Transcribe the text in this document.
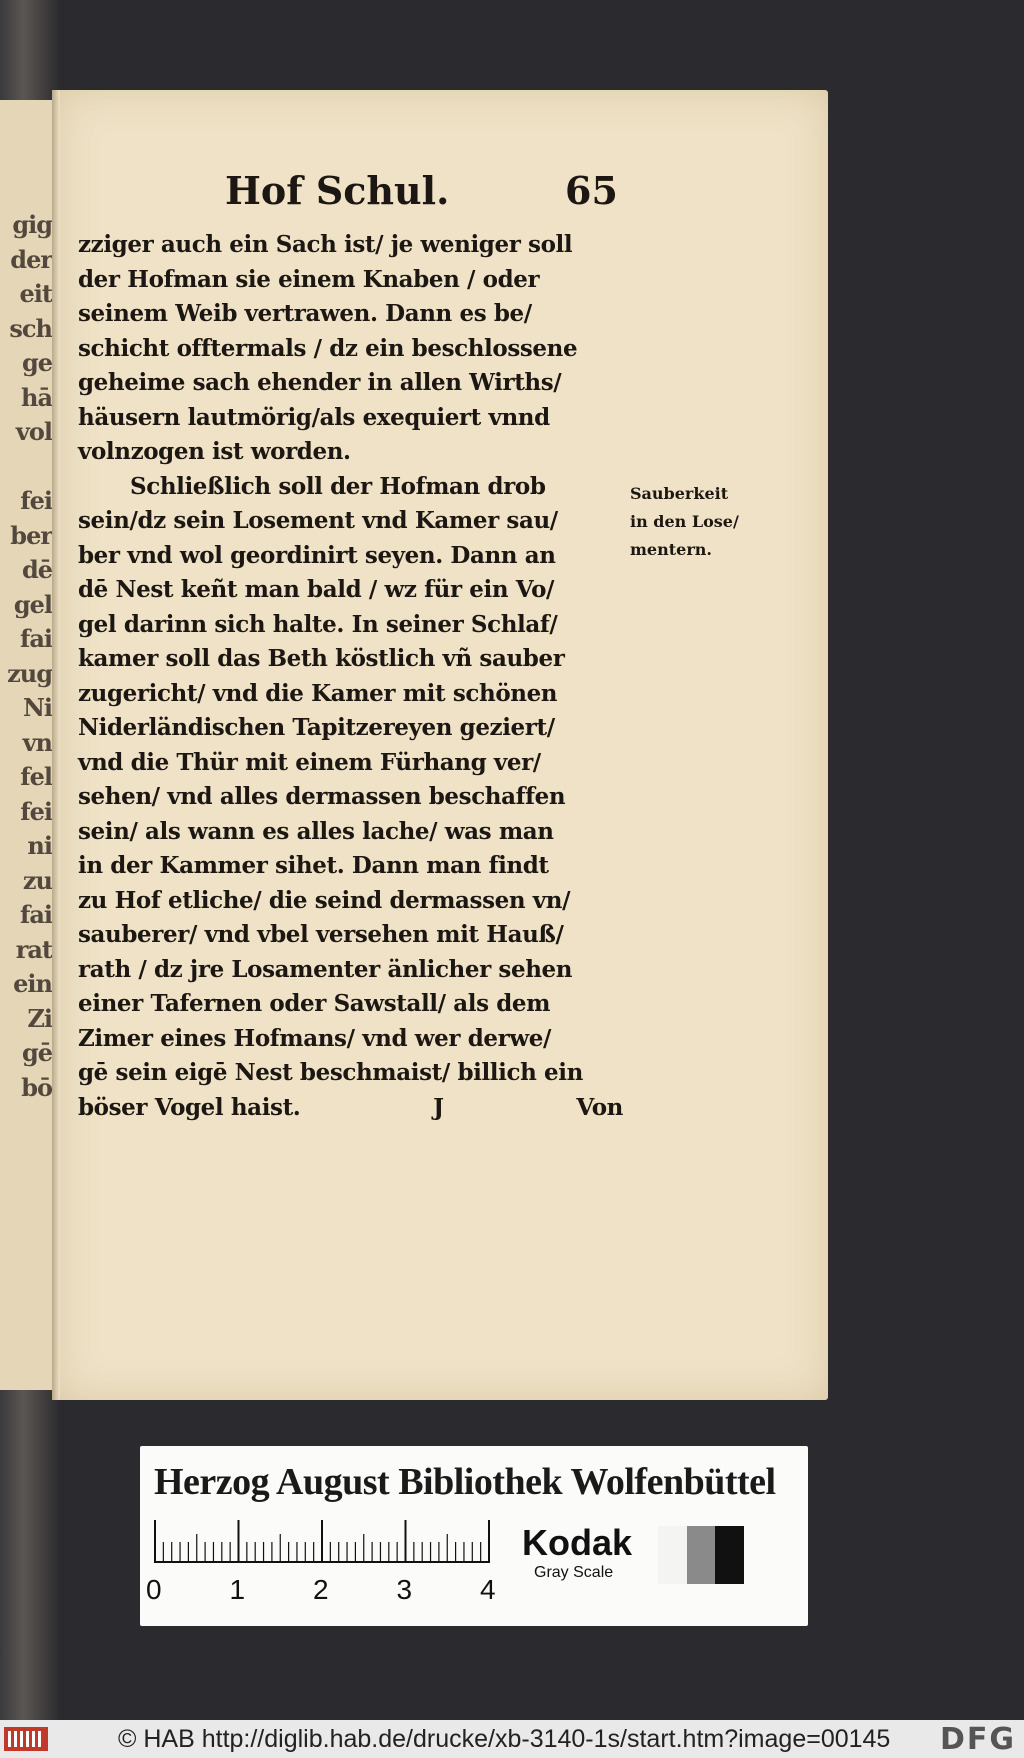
gig
der
eit
sch
ge
hā
vol
fei
ber
dē
gel
fai
zug
Ni
vn
fel
fei
ni
zu
fai
rat
ein
Zi
gē
bō
Hof Schul.	65
zziger auch ein Sach ist/ je weniger soll
der Hofman sie einem Knaben / oder
seinem Weib vertrawen. Dann es be/
schicht offtermals / dz ein beschlossene
geheime sach ehender in allen Wirths/
häusern lautmörig/als exequiert vnnd
volnzogen ist worden.
Schließlich soll der Hofman drob
sein/dz sein Losement vnd Kamer sau/
ber vnd wol geordinirt seyen. Dann an
dē Nest keñt man bald / wz für ein Vo/
gel darinn sich halte. In seiner Schlaf/
kamer soll das Beth köstlich vñ sauber
zugericht/ vnd die Kamer mit schönen
Niderländischen Tapitzereyen geziert/
vnd die Thür mit einem Fürhang ver/
sehen/ vnd alles dermassen beschaffen
sein/ als wann es alles lache/ was man
in der Kammer sihet. Dann man findt
zu Hof etliche/ die seind dermassen vn/
sauberer/ vnd vbel versehen mit Hauß/
rath / dz jre Losamenter änlicher sehen
einer Tafernen oder Sawstall/ als dem
Zimer eines Hofmans/ vnd wer derwe/
gē sein eigē Nest beschmaist/ billich ein
böser Vogel haist.	J	Von
Sauberkeit
in den Lose/
mentern.
Herzog August Bibliothek Wolfenbüttel
0 1 2 3 4
Kodak
Gray Scale
© HAB http://diglib.hab.de/drucke/xb-3140-1s/start.htm?image=00145 DFG
